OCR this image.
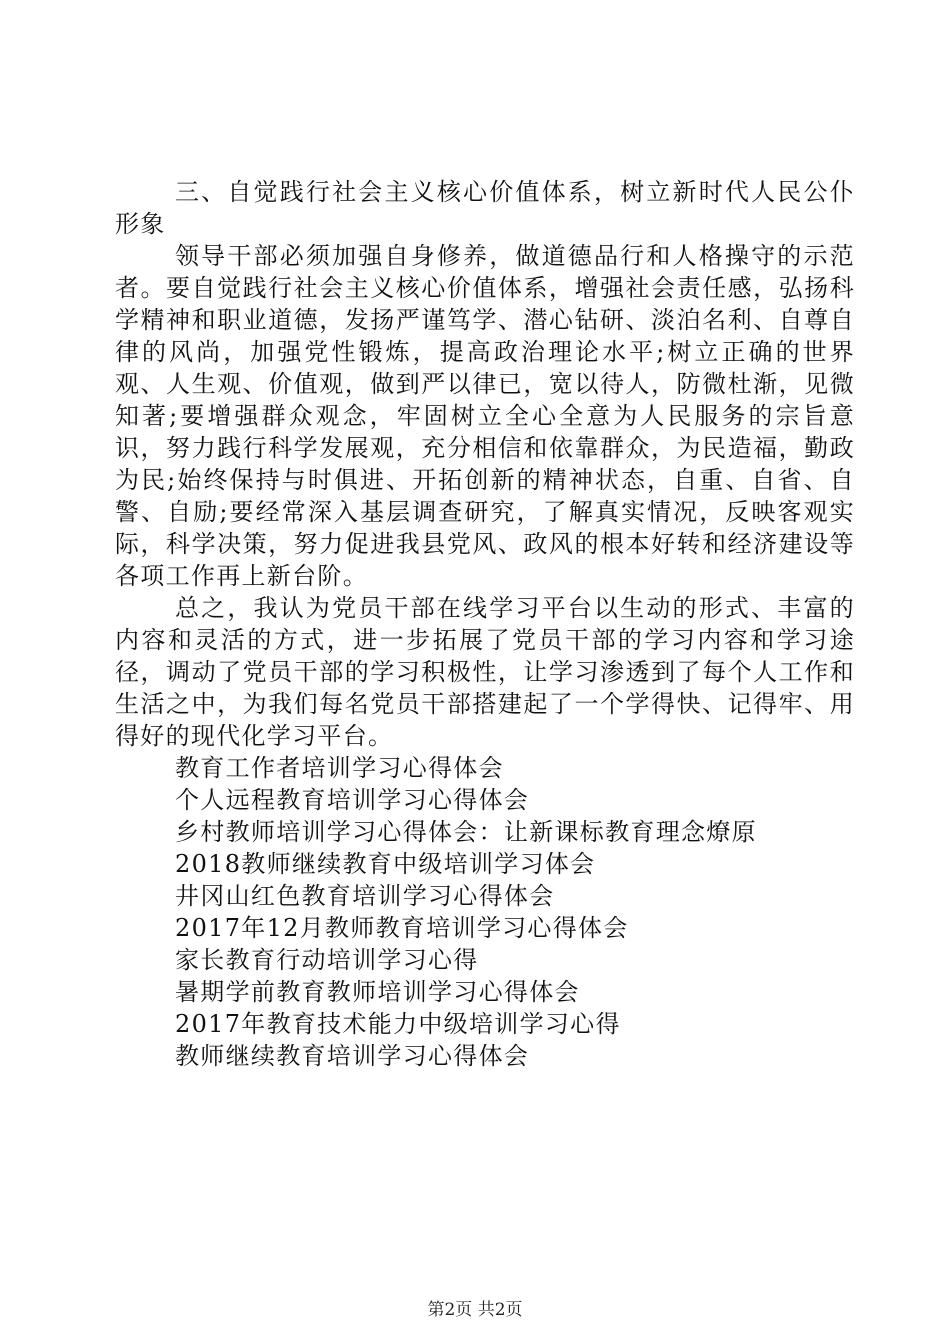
三、自觉践行社会主义核心价值体系，树立新时代人民公仆形象

领导干部必须加强自身修养，做道德品行和人格操守的示范者。要自觉践行社会主义核心价值体系，增强社会责任感，弘扬科学精神和职业道德，发扬严谨笃学、潜心钻研、淡泊名利、自尊自律的风尚，加强党性锻炼，提高政治理论水平;树立正确的世界观、人生观、价值观，做到严以律已，宽以待人，防微杜渐，见微知著;要增强群众观念，牢固树立全心全意为人民服务的宗旨意识，努力践行科学发展观，充分相信和依靠群众，为民造福，勤政为民;始终保持与时俱进、开拓创新的精神状态，自重、自省、自警、自励;要经常深入基层调查研究，了解真实情况，反映客观实际，科学决策，努力促进我县党风、政风的根本好转和经济建设等各项工作再上新台阶。

总之，我认为党员干部在线学习平台以生动的形式、丰富的内容和灵活的方式，进一步拓展了党员干部的学习内容和学习途径，调动了党员干部的学习积极性，让学习渗透到了每个人工作和生活之中，为我们每名党员干部搭建起了一个学得快、记得牢、用得好的现代化学习平台。

教育工作者培训学习心得体会
个人远程教育培训学习心得体会
乡村教师培训学习心得体会：让新课标教育理念燎原
2018教师继续教育中级培训学习体会
井冈山红色教育培训学习心得体会
2017年12月教师教育培训学习心得体会
家长教育行动培训学习心得
暑期学前教育教师培训学习心得体会
2017年教育技术能力中级培训学习心得
教师继续教育培训学习心得体会
第2页 共2页
